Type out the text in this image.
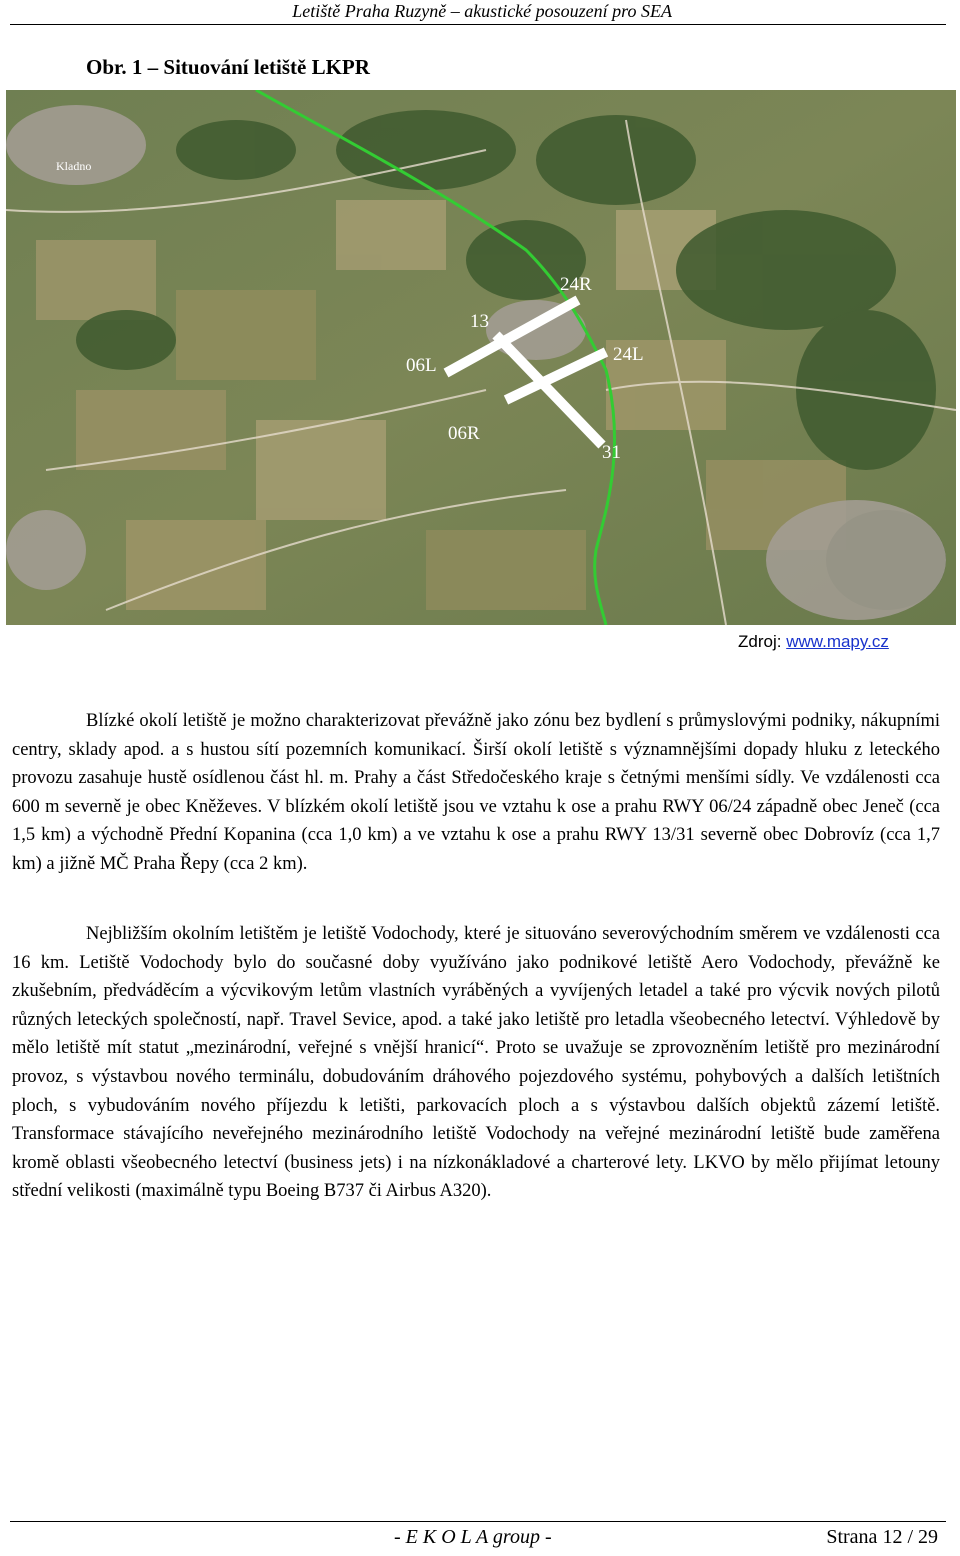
Letiště Praha Ruzyně – akustické posouzení pro SEA
Obr. 1 – Situování letiště LKPR
Kladno
24R
13
24L
06L
06R
31
Zdroj: www.mapy.cz

Blízké okolí letiště je možno charakterizovat převážně jako zónu bez bydlení s průmyslovými podniky, nákupními centry, sklady apod. a s hustou sítí pozemních komunikací. Širší okolí letiště s významnějšími dopady hluku z leteckého provozu zasahuje hustě osídlenou část hl. m. Prahy a část Středočeského kraje s četnými menšími sídly. Ve vzdálenosti cca 600 m severně je obec Kněževes. V blízkém okolí letiště jsou ve vztahu k ose a prahu RWY 06/24 západně obec Jeneč (cca 1,5 km) a východně Přední Kopanina (cca 1,0 km) a ve vztahu k ose a prahu RWY 13/31 severně obec Dobrovíz (cca 1,7 km) a jižně MČ Praha Řepy (cca 2 km).

Nejbližším okolním letištěm je letiště Vodochody, které je situováno severovýchodním směrem ve vzdálenosti cca 16 km. Letiště Vodochody bylo do současné doby využíváno jako podnikové letiště Aero Vodochody, převážně ke zkušebním, předváděcím a výcvikovým letům vlastních vyráběných a vyvíjených letadel a také pro výcvik nových pilotů různých leteckých společností, např. Travel Sevice, apod. a také jako letiště pro letadla všeobecného letectví. Výhledově by mělo letiště mít statut „mezinárodní, veřejné s vnější hranicí“. Proto se uvažuje se zprovozněním letiště pro mezinárodní provoz, s výstavbou nového terminálu, dobudováním dráhového pojezdového systému, pohybových a dalších letištních ploch, s vybudováním nového příjezdu k letišti, parkovacích ploch a s výstavbou dalších objektů zázemí letiště. Transformace stávajícího neveřejného mezinárodního letiště Vodochody na veřejné mezinárodní letiště bude zaměřena kromě oblasti všeobecného letectví (business jets) i na nízkonákladové a charterové lety. LKVO by mělo přijímat letouny střední velikosti (maximálně typu Boeing B737 či Airbus A320).

- E K O L A group -	Strana 12 / 29
